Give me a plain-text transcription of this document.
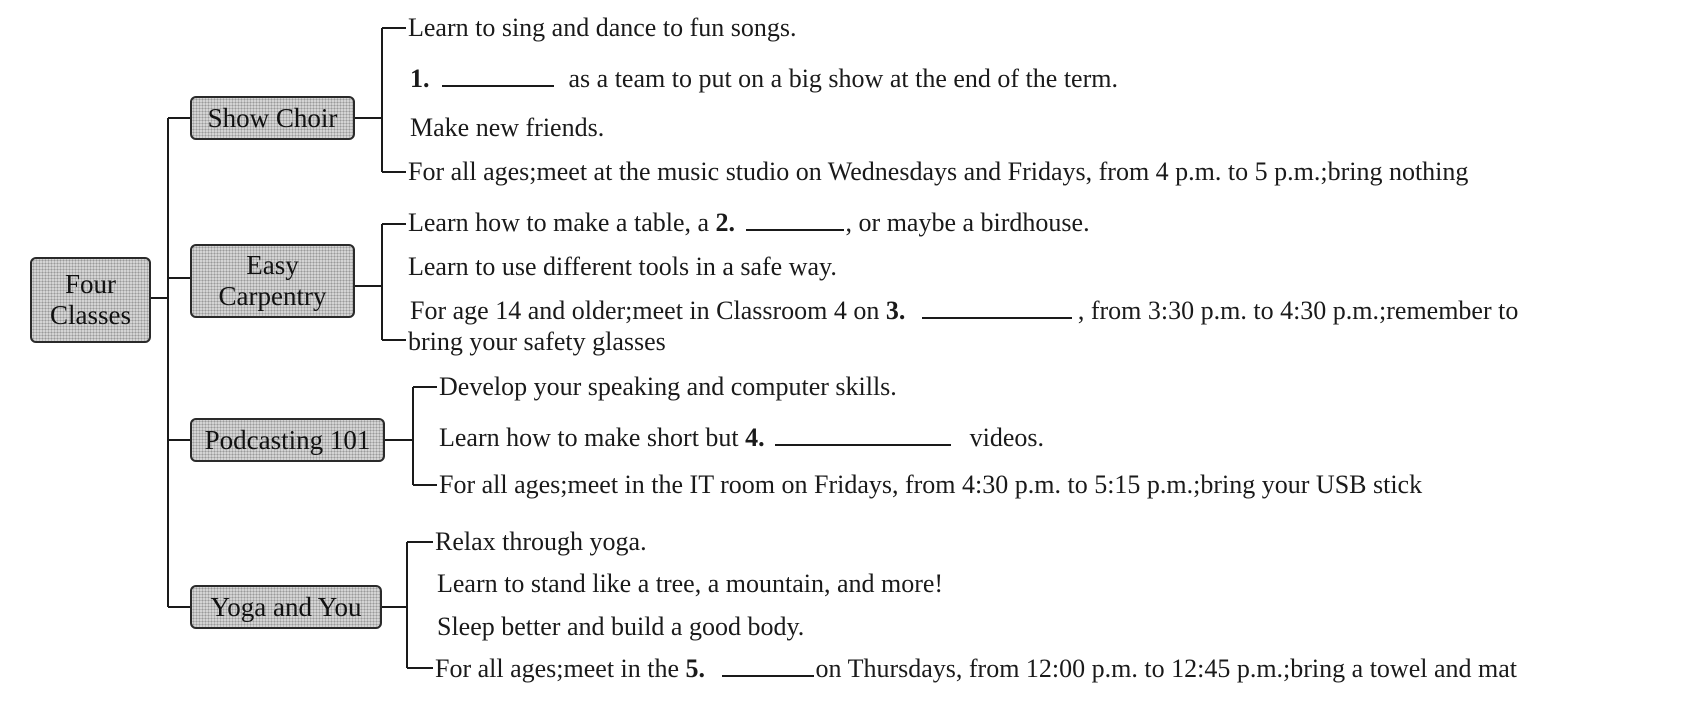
Four
Classes
Show Choir
Easy
Carpentry
Podcasting 101
Yoga and You
Learn to sing and dance to fun songs.
1.	as a team to put on a big show at the end of the term.
Make new friends.
For all ages;meet at the music studio on Wednesdays and Fridays, from 4 p.m. to 5 p.m.;bring nothing
Learn how to make a table, a 2.	, or maybe a birdhouse.
Learn to use different tools in a safe way.
For age 14 and older;meet in Classroom 4 on 3.	, from 3:30 p.m. to 4:30 p.m.;remember to
bring your safety glasses
Develop your speaking and computer skills.
Learn how to make short but 4.	videos.
For all ages;meet in the IT room on Fridays, from 4:30 p.m. to 5:15 p.m.;bring your USB stick
Relax through yoga.
Learn to stand like a tree, a mountain, and more!
Sleep better and build a good body.
For all ages;meet in the 5.	on Thursdays, from 12:00 p.m. to 12:45 p.m.;bring a towel and mat
